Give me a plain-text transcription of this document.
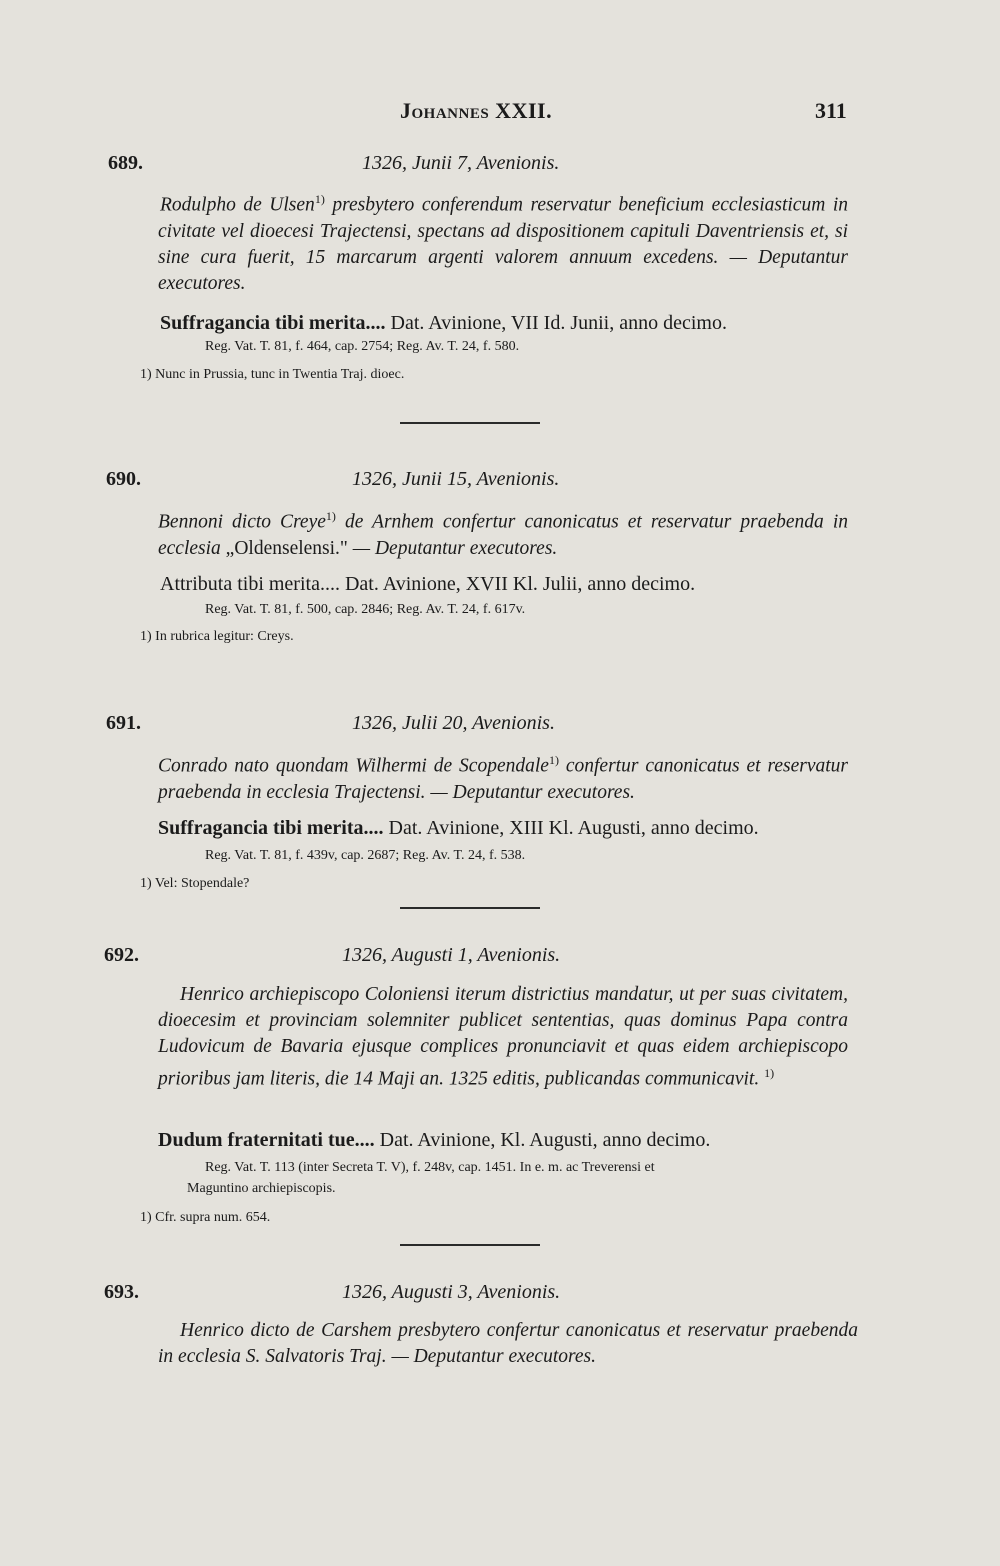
Johannes XXII.	311
689.	1326, Junii 7, Avenionis.

Rodulpho de Ulsen$^{1)}$ presbytero conferendum reservatur beneficium ecclesiasticum in civitate vel dioecesi Trajectensi, spectans ad dispositionem capituli Daventriensis et, si sine cura fuerit, 15 marcarum argenti valorem annuum excedens. — Deputantur executores.

Suffragancia tibi merita.... Dat. Avinione, VII Id. Junii, anno decimo.
Reg. Vat. T. 81, f. 464, cap. 2754; Reg. Av. T. 24, f. 580.
1) Nunc in Prussia, tunc in Twentia Traj. dioec.
690.	1326, Junii 15, Avenionis.

Bennoni dicto Creye$^{1)}$ de Arnhem confertur canonicatus et reservatur praebenda in ecclesia „Oldenselensi." — Deputantur executores.

Attributa tibi merita.... Dat. Avinione, XVII Kl. Julii, anno decimo.
Reg. Vat. T. 81, f. 500, cap. 2846; Reg. Av. T. 24, f. 617v.
1) In rubrica legitur: Creys.
691.	1326, Julii 20, Avenionis.

Conrado nato quondam Wilhermi de Scopendale$^{1)}$ confertur canonicatus et reservatur praebenda in ecclesia Trajectensi. — Deputantur executores.

Suffragancia tibi merita.... Dat. Avinione, XIII Kl. Augusti, anno decimo.
Reg. Vat. T. 81, f. 439v, cap. 2687; Reg. Av. T. 24, f. 538.
1) Vel: Stopendale?
692.	1326, Augusti 1, Avenionis.

Henrico archiepiscopo Coloniensi iterum districtius mandatur, ut per suas civitatem, dioecesim et provinciam solemniter publicet sententias, quas dominus Papa contra Ludovicum de Bavaria ejusque complices pronunciavit et quas eidem archiepiscopo prioribus jam literis, die 14 Maji an. 1325 editis, publicandas communicavit. $^{1)}$

Dudum fraternitati tue.... Dat. Avinione, Kl. Augusti, anno decimo.
Reg. Vat. T. 113 (inter Secreta T. V), f. 248v, cap. 1451. In e. m. ac Treverensi et
Maguntino archiepiscopis.
1) Cfr. supra num. 654.
693.	1326, Augusti 3, Avenionis.

Henrico dicto de Carshem presbytero confertur canonicatus et reservatur praebenda in ecclesia S. Salvatoris Traj. — Deputantur executores.
